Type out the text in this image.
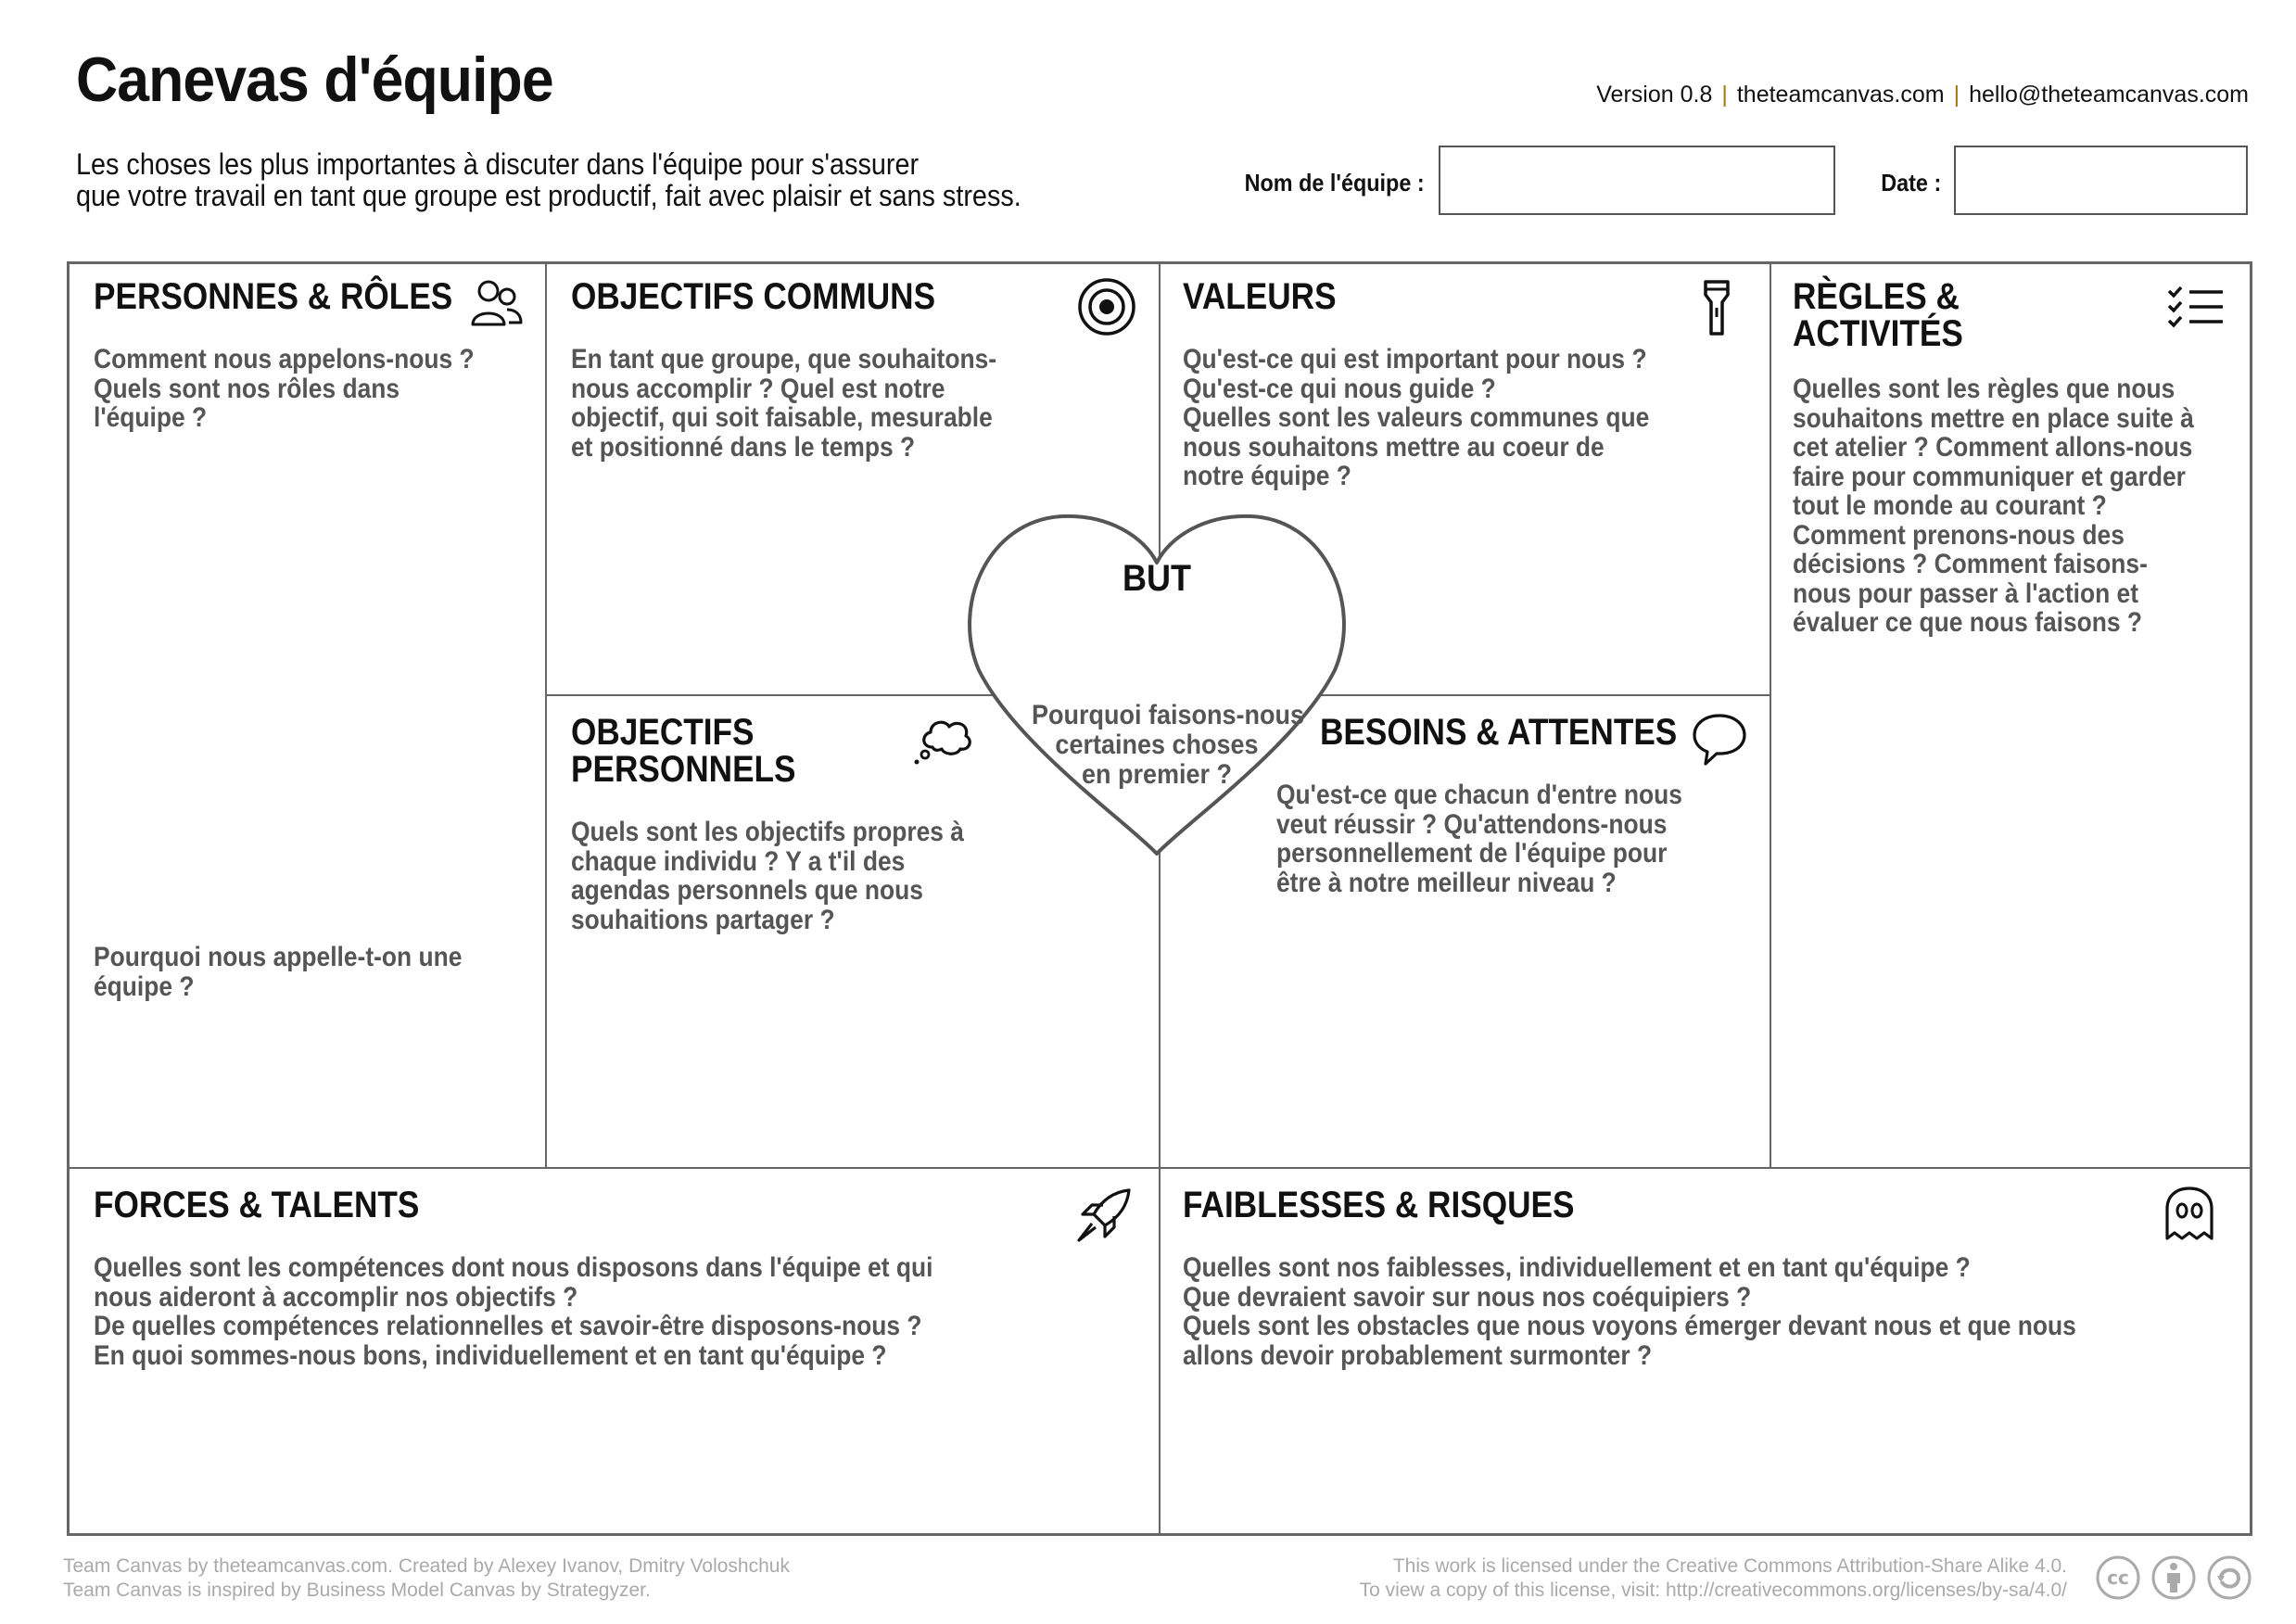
Canevas d'équipe
Les choses les plus importantes à discuter dans l'équipe pour s'assurer
que votre travail en tant que groupe est productif, fait avec plaisir et sans stress.
Version 0.8 | theteamcanvas.com | hello@theteamcanvas.com
Nom de l'équipe :	Date :
PERSONNES & RÔLES
Comment nous appelons-nous ?
Quels sont nos rôles dans
l'équipe ?
Pourquoi nous appelle-t-on une
équipe ?
OBJECTIFS COMMUNS
En tant que groupe, que souhaitons-
nous accomplir ? Quel est notre
objectif, qui soit faisable, mesurable
et positionné dans le temps ?
VALEURS
Qu'est-ce qui est important pour nous ?
Qu'est-ce qui nous guide ?
Quelles sont les valeurs communes que
nous souhaitons mettre au coeur de
notre équipe ?
RÈGLES &
ACTIVITÉS
Quelles sont les règles que nous
souhaitons mettre en place suite à
cet atelier ? Comment allons-nous
faire pour communiquer et garder
tout le monde au courant ?
Comment prenons-nous des
décisions ? Comment faisons-
nous pour passer à l'action et
évaluer ce que nous faisons ?
OBJECTIFS
PERSONNELS
Quels sont les objectifs propres à
chaque individu ? Y a t'il des
agendas personnels que nous
souhaitions partager ?
BESOINS & ATTENTES
Qu'est-ce que chacun d'entre nous
veut réussir ? Qu'attendons-nous
personnellement de l'équipe pour
être à notre meilleur niveau ?
BUT
Pourquoi faisons-nous
certaines choses
en premier ?
FORCES & TALENTS
Quelles sont les compétences dont nous disposons dans l'équipe et qui
nous aideront à accomplir nos objectifs ?
De quelles compétences relationnelles et savoir-être disposons-nous ?
En quoi sommes-nous bons, individuellement et en tant qu'équipe ?
FAIBLESSES & RISQUES
Quelles sont nos faiblesses, individuellement et en tant qu'équipe ?
Que devraient savoir sur nous nos coéquipiers ?
Quels sont les obstacles que nous voyons émerger devant nous et que nous
allons devoir probablement surmonter ?
Team Canvas by theteamcanvas.com. Created by Alexey Ivanov, Dmitry Voloshchuk
Team Canvas is inspired by Business Model Canvas by Strategyzer.
This work is licensed under the Creative Commons Attribution-Share Alike 4.0.
To view a copy of this license, visit: http://creativecommons.org/licenses/by-sa/4.0/
cc
